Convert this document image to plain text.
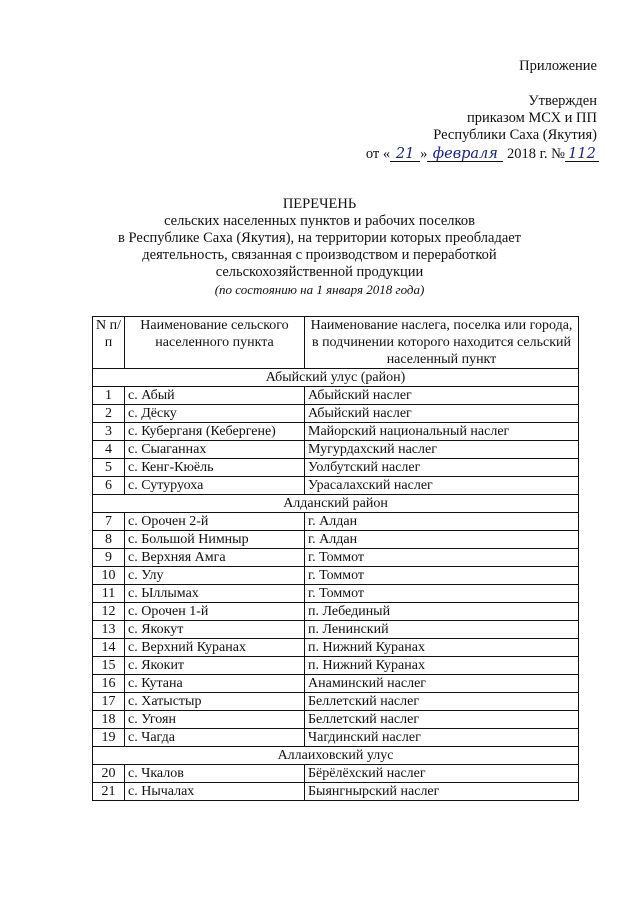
Приложение
Утвержден
приказом МСХ и ПП
Республики Саха (Якутия)
от « 21 » февраля 2018 г. № 112
ПЕРЕЧЕНЬ
сельских населенных пунктов и рабочих поселков
в Республике Саха (Якутия), на территории которых преобладает
деятельность, связанная с производством и переработкой
сельскохозяйственной продукции
(по состоянию на 1 января 2018 года)
N п/п	Наименование сельского населенного пункта	Наименование наслега, поселка или города, в подчинении которого находится сельский населенный пункт
Абыйский улус (район)		
1	с. Абый	Абыйский наслег
2	с. Дёску	Абыйский наслег
3	с. Куберганя (Кебергене)	Майорский национальный наслег
4	с. Сыаганнах	Мугурдахский наслег
5	с. Кенг-Кюёль	Уолбутский наслег
6	с. Сутуруоха	Урасалахский наслег
Алданский район		
7	с. Орочен 2-й	г. Алдан
8	с. Большой Нимныр	г. Алдан
9	с. Верхняя Амга	г. Томмот
10	с. Улу	г. Томмот
11	с. Ыллымах	г. Томмот
12	с. Орочен 1-й	п. Лебединый
13	с. Якокут	п. Ленинский
14	с. Верхний Куранах	п. Нижний Куранах
15	с. Якокит	п. Нижний Куранах
16	с. Кутана	Анаминский наслег
17	с. Хатыстыр	Беллетский наслег
18	с. Угоян	Беллетский наслег
19	с. Чагда	Чагдинский наслег
Аллаиховский улус		
20	с. Чкалов	Бёрёлёхский наслег
21	с. Нычалах	Быянгнырский наслег
